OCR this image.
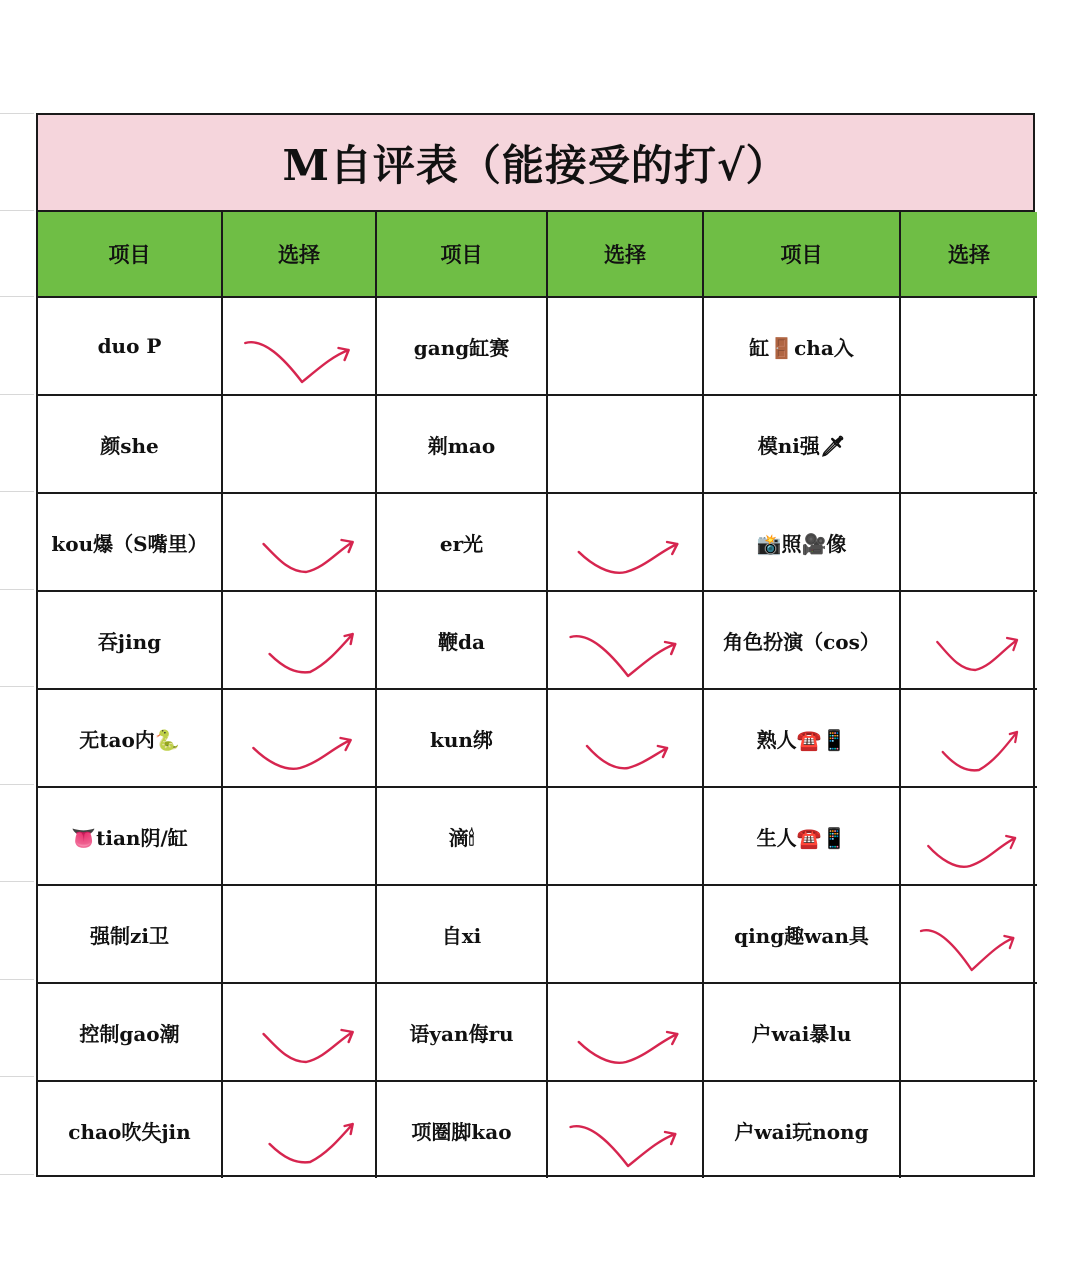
M自评表（能接受的打√）
项目	选择	项目	选择	项目	选择
duo P		gang缸赛		缸🚪cha入	
颜she		剃mao		模ni强🗡	
kou爆（S嘴里）		er光		📸照🎥像	
吞jing		鞭da		角色扮演（cos）	

无tao内🐍		kun绑		熟人☎️📱	

👅tian阴/缸		滴🕯		生人☎️📱	

强制zi卫		自xi		qing趣wan具	

控制gao潮		语yan侮ru		户wai暴lu	
chao吹失jin		项圈脚kao		户wai玩nong	
